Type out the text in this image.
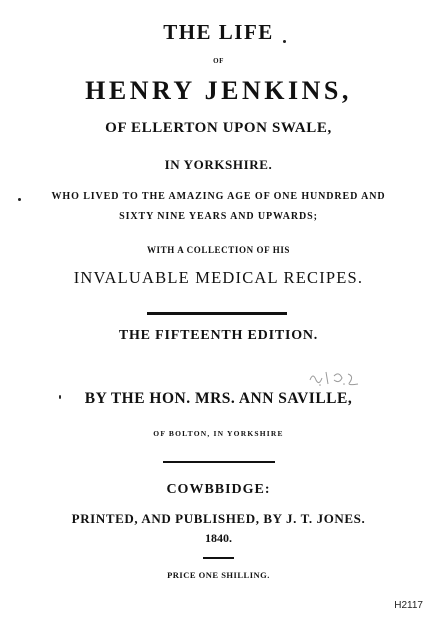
THE LIFE
OF
HENRY JENKINS,
OF ELLERTON UPON SWALE,
IN YORKSHIRE.
WHO LIVED TO THE AMAZING AGE OF ONE HUNDRED AND
SIXTY NINE YEARS AND UPWARDS;
WITH A COLLECTION OF HIS
INVALUABLE MEDICAL RECIPES.
THE FIFTEENTH EDITION.
BY THE HON. MRS. ANN SAVILLE,
OF BOLTON, IN YORKSHIRE
COWBBIDGE:
PRINTED, AND PUBLISHED, BY J. T. JONES.
1840.
PRICE ONE SHILLING.
H2117
